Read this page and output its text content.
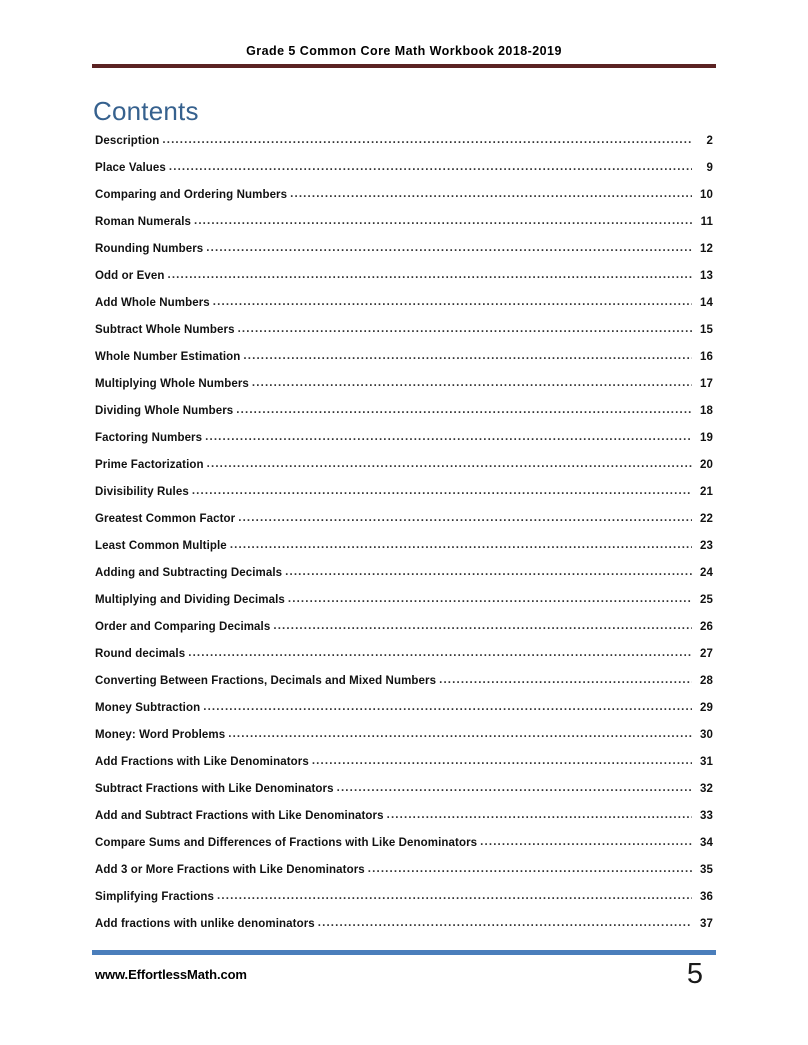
Grade 5 Common Core Math Workbook 2018-2019
Contents
Description .....	2
Place Values .....	9
Comparing and Ordering Numbers .....	10
Roman Numerals .....	11
Rounding Numbers .....	12
Odd or Even .....	13
Add Whole Numbers .....	14
Subtract Whole Numbers .....	15
Whole Number Estimation .....	16
Multiplying Whole Numbers .....	17
Dividing Whole Numbers .....	18
Factoring Numbers .....	19
Prime Factorization .....	20
Divisibility Rules .....	21
Greatest Common Factor .....	22
Least Common Multiple .....	23
Adding and Subtracting Decimals .....	24
Multiplying and Dividing Decimals .....	25
Order and Comparing Decimals .....	26
Round decimals .....	27
Converting Between Fractions, Decimals and Mixed Numbers .....	28
Money Subtraction .....	29
Money: Word Problems .....	30
Add Fractions with Like Denominators .....	31
Subtract Fractions with Like Denominators .....	32
Add and Subtract Fractions with Like Denominators .....	33
Compare Sums and Differences of Fractions with Like Denominators .....	34
Add 3 or More Fractions with Like Denominators .....	35
Simplifying Fractions .....	36
Add fractions with unlike denominators .....	37
www.EffortlessMath.com	5
